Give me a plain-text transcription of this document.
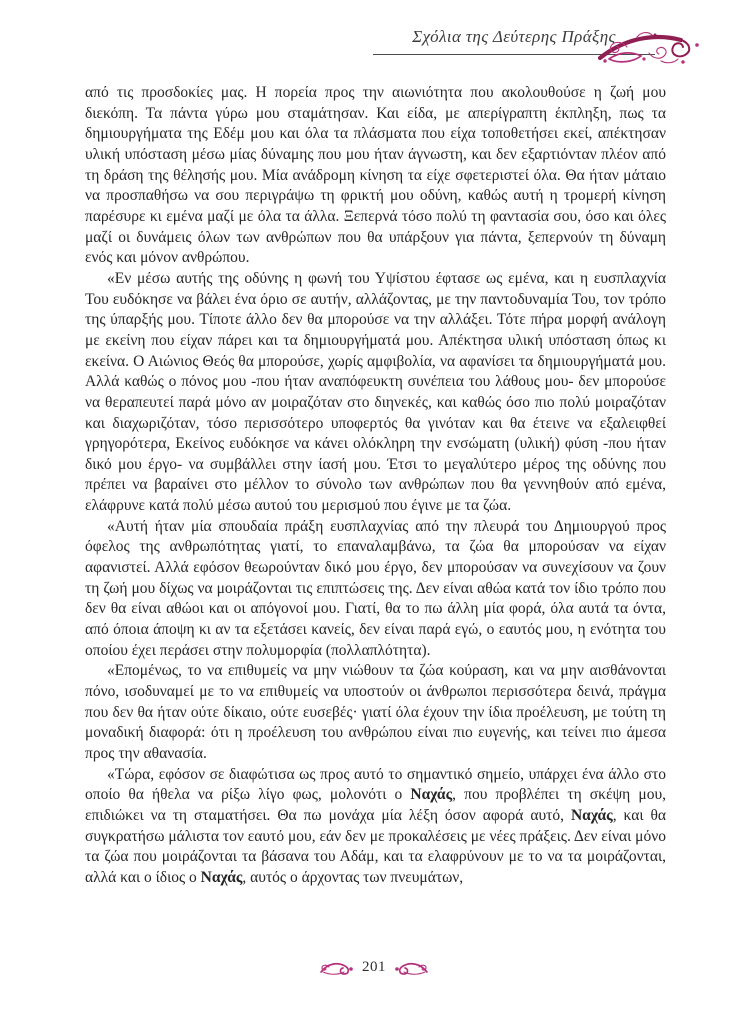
Σχόλια της Δεύτερης Πράξης

από τις προσδοκίες μας. Η πορεία προς την αιωνιότητα που ακολουθούσε η ζωή μου διεκόπη. Τα πάντα γύρω μου σταμάτησαν. Και είδα, με απερίγραπτη έκπληξη, πως τα δημιουργήματα της Εδέμ μου και όλα τα πλάσματα που είχα τοποθετήσει εκεί, απέκτησαν υλική υπόσταση μέσω μίας δύναμης που μου ήταν άγνωστη, και δεν εξαρτιόνταν πλέον από τη δράση της θέλησής μου. Μία ανάδρομη κίνηση τα είχε σφετεριστεί όλα. Θα ήταν μάταιο να προσπαθήσω να σου περιγράψω τη φρικτή μου οδύνη, καθώς αυτή η τρομερή κίνηση παρέσυρε κι εμένα μαζί με όλα τα άλλα. Ξεπερνά τόσο πολύ τη φαντασία σου, όσο και όλες μαζί οι δυνάμεις όλων των ανθρώπων που θα υπάρξουν για πάντα, ξεπερνούν τη δύναμη ενός και μόνον ανθρώπου.

«Εν μέσω αυτής της οδύνης η φωνή του Υψίστου έφτασε ως εμένα, και η ευσπλαχνία Του ευδόκησε να βάλει ένα όριο σε αυτήν, αλλάζοντας, με την παντοδυναμία Του, τον τρόπο της ύπαρξής μου. Τίποτε άλλο δεν θα μπορούσε να την αλλάξει. Τότε πήρα μορφή ανάλογη με εκείνη που είχαν πάρει και τα δημιουργήματά μου. Απέκτησα υλική υπόσταση όπως κι εκείνα. Ο Αιώνιος Θεός θα μπορούσε, χωρίς αμφιβολία, να αφανίσει τα δημιουργήματά μου. Αλλά καθώς ο πόνος μου -που ήταν αναπόφευκτη συνέπεια του λάθους μου- δεν μπορούσε να θεραπευτεί παρά μόνο αν μοιραζόταν στο διηνεκές, και καθώς όσο πιο πολύ μοιραζόταν και διαχωριζόταν, τόσο περισσότερο υποφερτός θα γινόταν και θα έτεινε να εξαλειφθεί γρηγορότερα, Εκείνος ευδόκησε να κάνει ολόκληρη την ενσώματη (υλική) φύση -που ήταν δικό μου έργο- να συμβάλλει στην ίασή μου. Έτσι το μεγαλύτερο μέρος της οδύνης που πρέπει να βαραίνει στο μέλλον το σύνολο των ανθρώπων που θα γεννηθούν από εμένα, ελάφρυνε κατά πολύ μέσω αυτού του μερισμού που έγινε με τα ζώα.

«Αυτή ήταν μία σπουδαία πράξη ευσπλαχνίας από την πλευρά του Δημιουργού προς όφελος της ανθρωπότητας γιατί, το επαναλαμβάνω, τα ζώα θα μπορούσαν να είχαν αφανιστεί. Αλλά εφόσον θεωρούνταν δικό μου έργο, δεν μπορούσαν να συνεχίσουν να ζουν τη ζωή μου δίχως να μοιράζονται τις επιπτώσεις της. Δεν είναι αθώα κατά τον ίδιο τρόπο που δεν θα είναι αθώοι και οι απόγονοί μου. Γιατί, θα το πω άλλη μία φορά, όλα αυτά τα όντα, από όποια άποψη κι αν τα εξετάσει κανείς, δεν είναι παρά εγώ, ο εαυτός μου, η ενότητα του οποίου έχει περάσει στην πολυμορφία (πολλαπλότητα).

«Επομένως, το να επιθυμείς να μην νιώθουν τα ζώα κούραση, και να μην αισθάνονται πόνο, ισοδυναμεί με το να επιθυμείς να υποστούν οι άνθρωποι περισσότερα δεινά, πράγμα που δεν θα ήταν ούτε δίκαιο, ούτε ευσεβές· γιατί όλα έχουν την ίδια προέλευση, με τούτη τη μοναδική διαφορά: ότι η προέλευση του ανθρώπου είναι πιο ευγενής, και τείνει πιο άμεσα προς την αθανασία.

«Τώρα, εφόσον σε διαφώτισα ως προς αυτό το σημαντικό σημείο, υπάρχει ένα άλλο στο οποίο θα ήθελα να ρίξω λίγο φως, μολονότι ο Ναχάς, που προβλέπει τη σκέψη μου, επιδιώκει να τη σταματήσει. Θα πω μονάχα μία λέξη όσον αφορά αυτό, Ναχάς, και θα συγκρατήσω μάλιστα τον εαυτό μου, εάν δεν με προκαλέσεις με νέες πράξεις. Δεν είναι μόνο τα ζώα που μοιράζονται τα βάσανα του Αδάμ, και τα ελαφρύνουν με το να τα μοιράζονται, αλλά και ο ίδιος ο Ναχάς, αυτός ο άρχοντας των πνευμάτων,

201
